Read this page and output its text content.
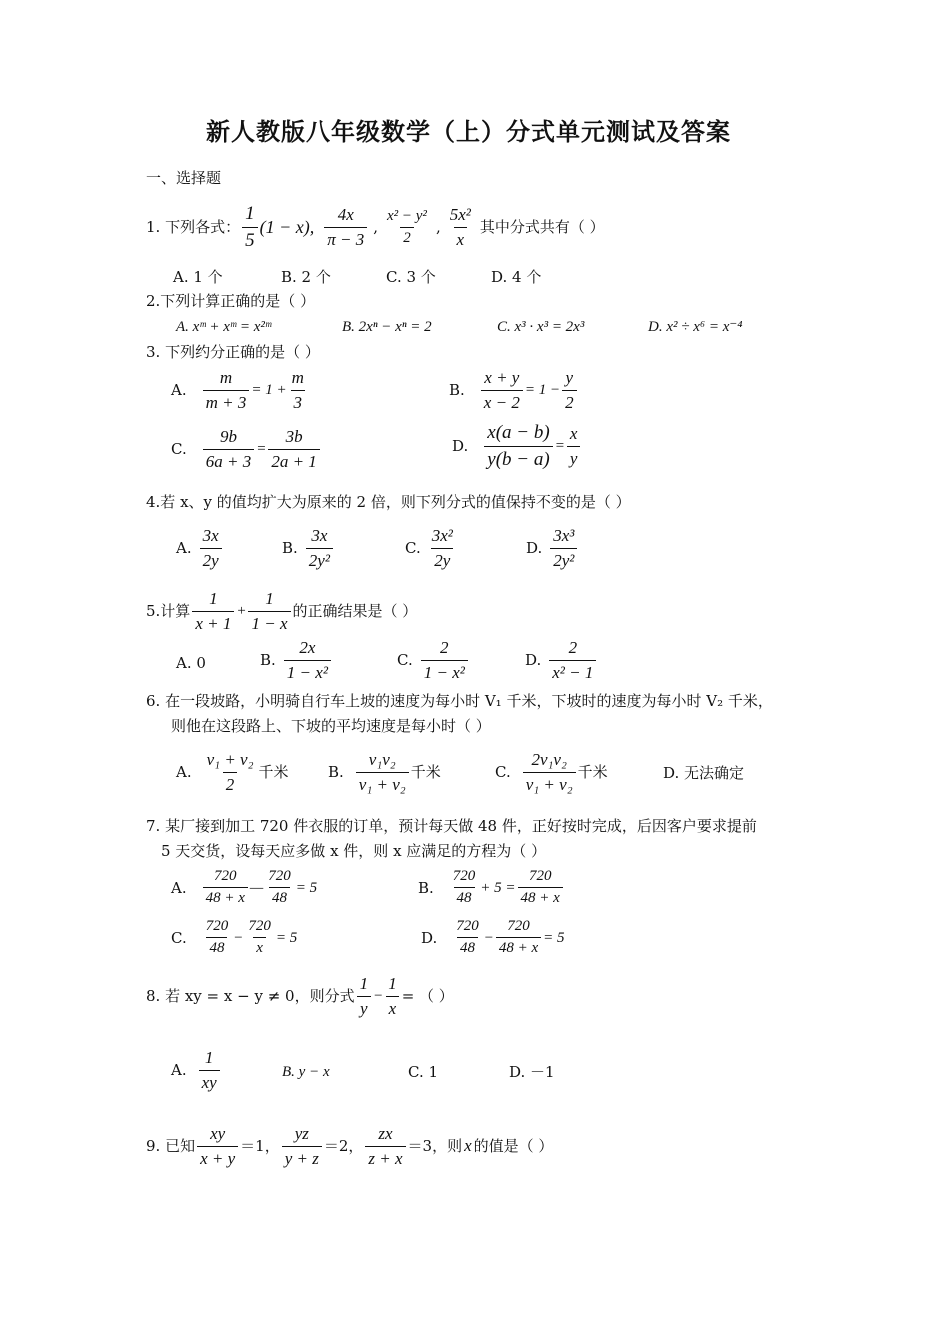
新人教版八年级数学（上）分式单元测试及答案
一、选择题
1. 下列各式： $\frac{1}{5} (1 - x)$, $\frac{4x}{\pi - 3}$ , $\frac{\text{x² − y²}}{2}$ , $\frac{\text{5x²}}{x}$ 其中分式共有（ ）
A. 1 个	B. 2 个	C. 3 个	D. 4 个
2.下列计算正确的是（ ）
A. xᵐ + xᵐ = x²ᵐ	B. 2xⁿ − xⁿ = 2	C. x³ · x³ = 2x³	D. x² ÷ x⁶ = x⁻⁴
3. 下列约分正确的是（ ）
A. $\frac{m}{m + 3} = 1 + \frac{m}{3}$	B. $\frac{x + y}{x - 2} = 1 - \frac{y}{2}$
C. $\frac{9b}{6a + 3} = \frac{3b}{2a + 1}$	D. $\frac{x(a - b)}{y(b - a)} = \frac{x}{y}$
4.若 x、y 的值均扩大为原来的 2 倍，则下列分式的值保持不变的是（ ）
A. $\frac{3x}{2y}$	B. $\frac{3x}{\text{2y²}}$	C. $\frac{\text{3x²}}{2y}$	D. $\frac{\text{3x³}}{\text{2y²}}$
5.计算 $\frac{1}{x + 1} + \frac{1}{1 - x}$ 的正确结果是（ ）
A. 0	B. $\frac{2x}{\text{1 − x²}}$	C. $\frac{2}{\text{1 − x²}}$	D. $\frac{2}{\text{x² − 1}}$
6. 在一段坡路，小明骑自行车上坡的速度为每小时 V₁ 千米，下坡时的速度为每小时 V₂ 千米，
则他在这段路上、下坡的平均速度是每小时（ ）
A. $\frac{\text{v₁ + v₂}}{2}$ 千米	B. $\frac{\text{v₁v₂}}{\text{v₁ + v₂}}$ 千米	C. $\frac{\text{2v₁v₂}}{\text{v₁ + v₂}}$ 千米	D. 无法确定
7. 某厂接到加工 720 件衣服的订单，预计每天做 48 件，正好按时完成，后因客户要求提前
5 天交货，设每天应多做 x 件，则 x 应满足的方程为（ ）
A. $\frac{720}{48 + x}$ — $\frac{720}{48} = 5$	B. $\frac{720}{48} + 5 = \frac{720}{48 + x}$
C. $\frac{720}{48} - \frac{720}{x} = 5$	D. $\frac{720}{48} - \frac{720}{48 + x} = 5$
8. 若 xy = x − y ≠ 0，则分式 $\frac{1}{y} - \frac{1}{x}$ = （ ）
A. $\frac{1}{xy}$	B. y − x	C. 1	D. －1
9. 已知 $\frac{xy}{x + y} =1$， $\frac{yz}{y + z} =2$， $\frac{zx}{z + x} =3$，则 x 的值是（ ）
